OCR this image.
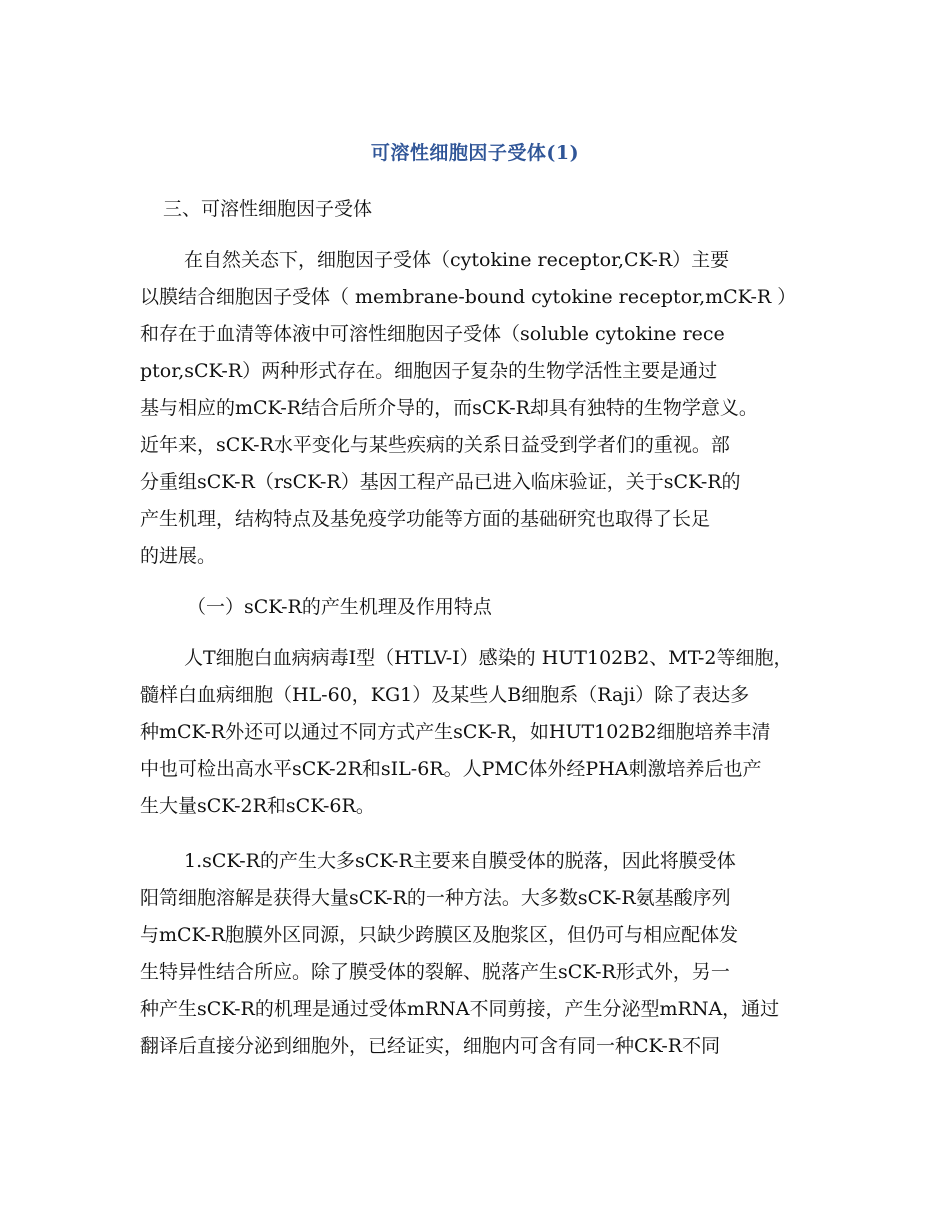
可溶性细胞因子受体(1)
三、可溶性细胞因子受体
在自然关态下，细胞因子受体（cytokine receptor,CK-R）主要
以膜结合细胞因子受体（ membrane-bound cytokine receptor,mCK-R ）
和存在于血清等体液中可溶性细胞因子受体（soluble cytokine rece
ptor,sCK-R）两种形式存在。细胞因子复杂的生物学活性主要是通过
基与相应的mCK-R结合后所介导的，而sCK-R却具有独特的生物学意义。
近年来，sCK-R水平变化与某些疾病的关系日益受到学者们的重视。部
分重组sCK-R（rsCK-R）基因工程产品已进入临床验证，关于sCK-R的
产生机理，结构特点及基免疫学功能等方面的基础研究也取得了长足
的进展。
（一）sCK-R的产生机理及作用特点
人T细胞白血病病毒I型（HTLV-I）感染的 HUT102B2、MT-2等细胞，
髓样白血病细胞（HL-60，KG1）及某些人B细胞系（Raji）除了表达多
种mCK-R外还可以通过不同方式产生sCK-R，如HUT102B2细胞培养丰清
中也可检出高水平sCK-2R和sIL-6R。人PMC体外经PHA刺激培养后也产
生大量sCK-2R和sCK-6R。
1.sCK-R的产生大多sCK-R主要来自膜受体的脱落，因此将膜受体
阳笥细胞溶解是获得大量sCK-R的一种方法。大多数sCK-R氨基酸序列
与mCK-R胞膜外区同源，只缺少跨膜区及胞浆区，但仍可与相应配体发
生特异性结合所应。除了膜受体的裂解、脱落产生sCK-R形式外，另一
种产生sCK-R的机理是通过受体mRNA不同剪接，产生分泌型mRNA，通过
翻译后直接分泌到细胞外，已经证实，细胞内可含有同一种CK-R不同
